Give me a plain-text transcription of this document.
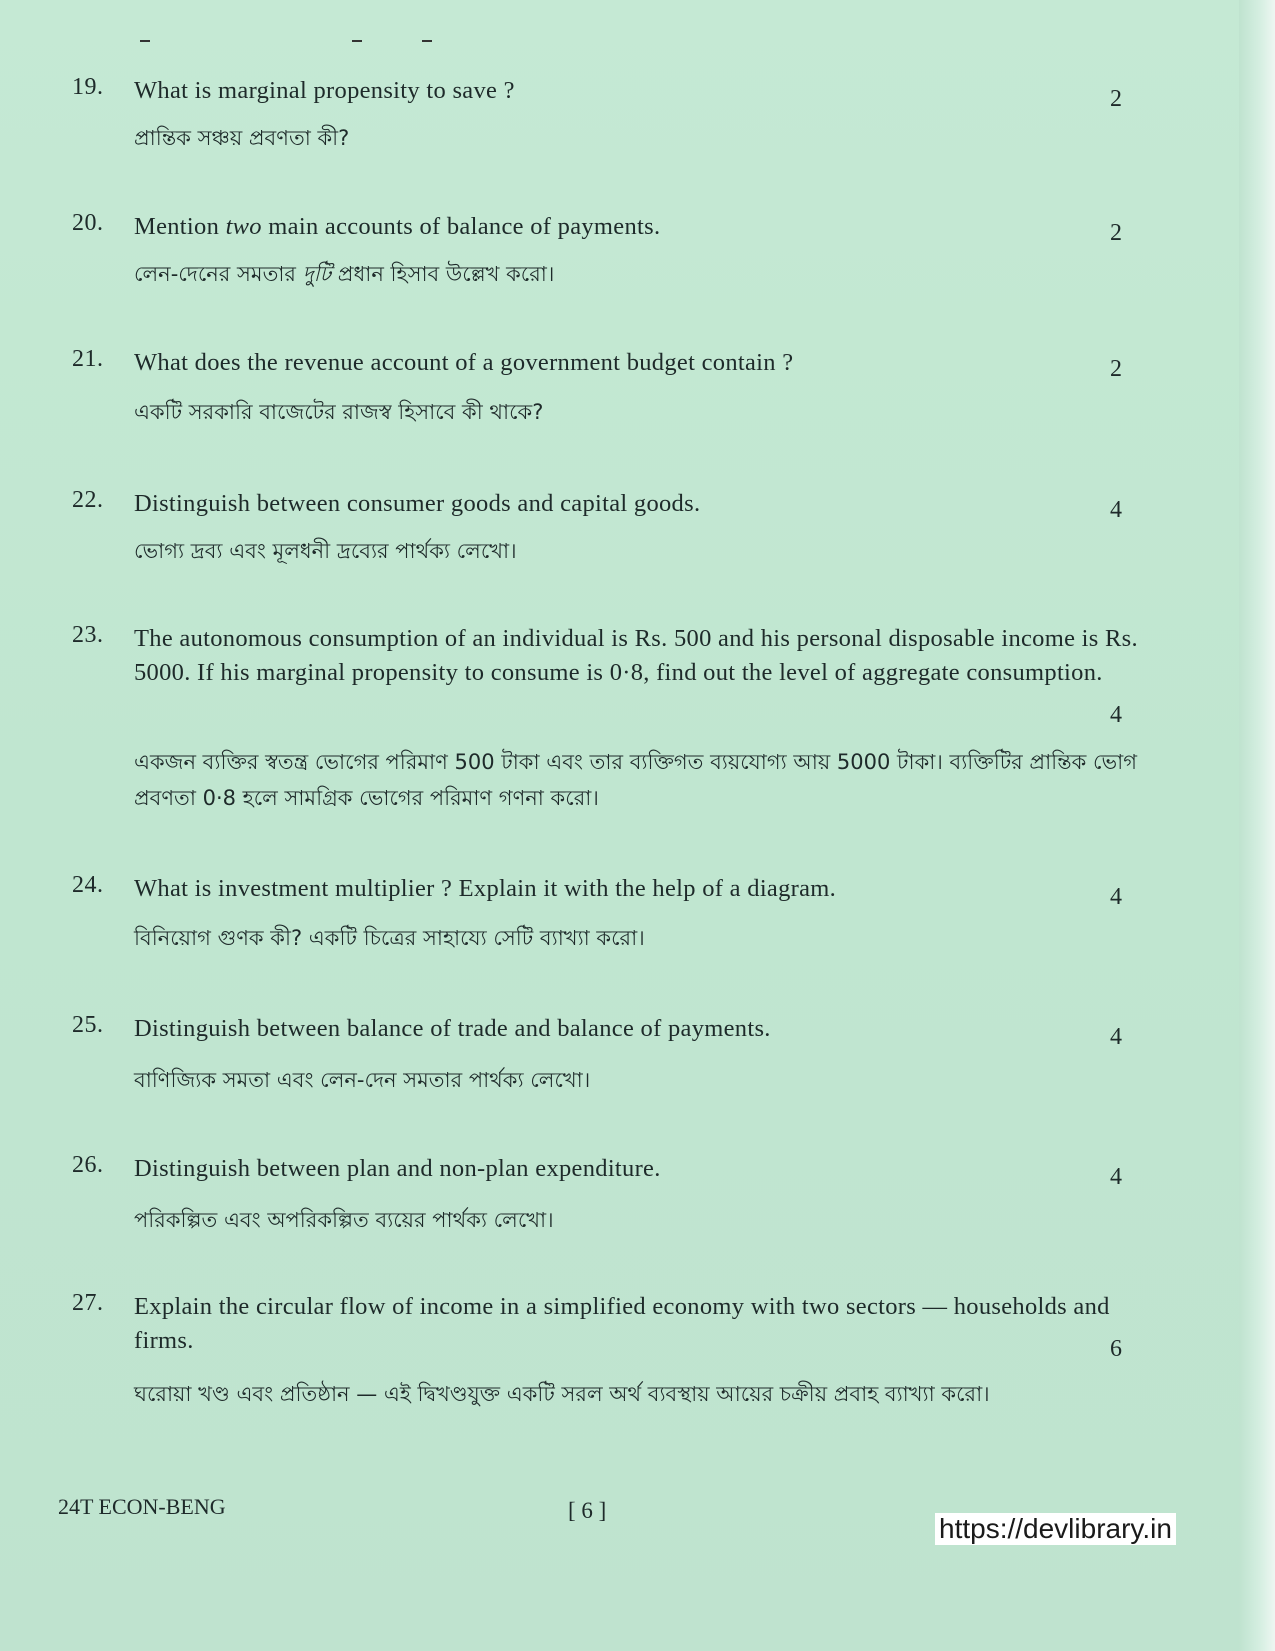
19.	What is marginal propensity to save ?
প্রান্তিক সঞ্চয় প্রবণতা কী?
2
20.	Mention two main accounts of balance of payments.
লেন-দেনের সমতার দুটি প্রধান হিসাব উল্লেখ করো।
2
21.	What does the revenue account of a government budget contain ?
একটি সরকারি বাজেটের রাজস্ব হিসাবে কী থাকে?
2
22.	Distinguish between consumer goods and capital goods.
ভোগ্য দ্রব্য এবং মূলধনী দ্রব্যের পার্থক্য লেখো।
4
23.	The autonomous consumption of an individual is Rs. 500 and his personal disposable income is Rs. 5000. If his marginal propensity to consume is 0·8, find out the level of aggregate consumption.
একজন ব্যক্তির স্বতন্ত্র ভোগের পরিমাণ 500 টাকা এবং তার ব্যক্তিগত ব্যয়যোগ্য আয় 5000 টাকা। ব্যক্তিটির প্রান্তিক ভোগ প্রবণতা 0·8 হলে সামগ্রিক ভোগের পরিমাণ গণনা করো।
4
24.	What is investment multiplier ? Explain it with the help of a diagram.
বিনিয়োগ গুণক কী? একটি চিত্রের সাহায্যে সেটি ব্যাখ্যা করো।
4
25.	Distinguish between balance of trade and balance of payments.
বাণিজ্যিক সমতা এবং লেন-দেন সমতার পার্থক্য লেখো।
4
26.	Distinguish between plan and non-plan expenditure.
পরিকল্পিত এবং অপরিকল্পিত ব্যয়ের পার্থক্য লেখো।
4
27.	Explain the circular flow of income in a simplified economy with two sectors — households and firms.
ঘরোয়া খণ্ড এবং প্রতিষ্ঠান — এই দ্বিখণ্ডযুক্ত একটি সরল অর্থ ব্যবস্থায় আয়ের চক্রীয় প্রবাহ ব্যাখ্যা করো।
6
24T ECON-BENG	[ 6 ]
https://devlibrary.in
